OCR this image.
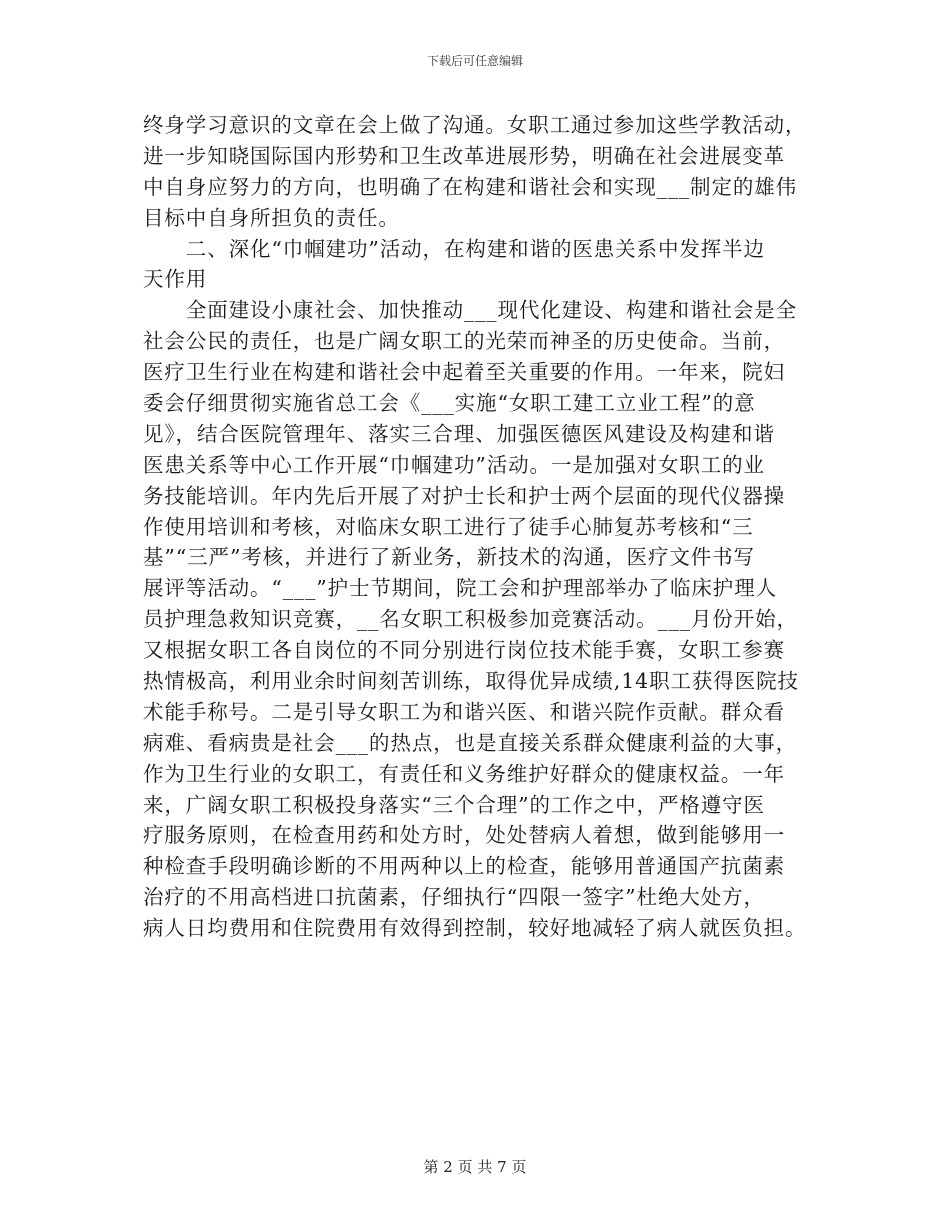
下载后可任意编辑
终身学习意识的文章在会上做了沟通。女职工通过参加这些学教活动，
进一步知晓国际国内形势和卫生改革进展形势，明确在社会进展变革
中自身应努力的方向，也明确了在构建和谐社会和实现___制定的雄伟
目标中自身所担负的责任。
　　二、深化“巾帼建功”活动，在构建和谐的医患关系中发挥半边
天作用
　　全面建设小康社会、加快推动___现代化建设、构建和谐社会是全
社会公民的责任，也是广阔女职工的光荣而神圣的历史使命。当前，
医疗卫生行业在构建和谐社会中起着至关重要的作用。一年来，院妇
委会仔细贯彻实施省总工会《___实施“女职工建工立业工程”的意
见》，结合医院管理年、落实三合理、加强医德医风建设及构建和谐
医患关系等中心工作开展“巾帼建功”活动。一是加强对女职工的业
务技能培训。年内先后开展了对护士长和护士两个层面的现代仪器操
作使用培训和考核，对临床女职工进行了徒手心肺复苏考核和“三
基”“三严”考核，并进行了新业务，新技术的沟通，医疗文件书写
展评等活动。“___”护士节期间，院工会和护理部举办了临床护理人
员护理急救知识竞赛，__名女职工积极参加竞赛活动。___月份开始，
又根据女职工各自岗位的不同分别进行岗位技术能手赛，女职工参赛
热情极高，利用业余时间刻苦训练，取得优异成绩,14职工获得医院技
术能手称号。二是引导女职工为和谐兴医、和谐兴院作贡献。群众看
病难、看病贵是社会___的热点，也是直接关系群众健康利益的大事，
作为卫生行业的女职工，有责任和义务维护好群众的健康权益。一年
来，广阔女职工积极投身落实“三个合理”的工作之中，严格遵守医
疗服务原则，在检查用药和处方时，处处替病人着想，做到能够用一
种检查手段明确诊断的不用两种以上的检查，能够用普通国产抗菌素
治疗的不用高档进口抗菌素，仔细执行“四限一签字”杜绝大处方，
病人日均费用和住院费用有效得到控制，较好地减轻了病人就医负担。
第 2 页 共 7 页
